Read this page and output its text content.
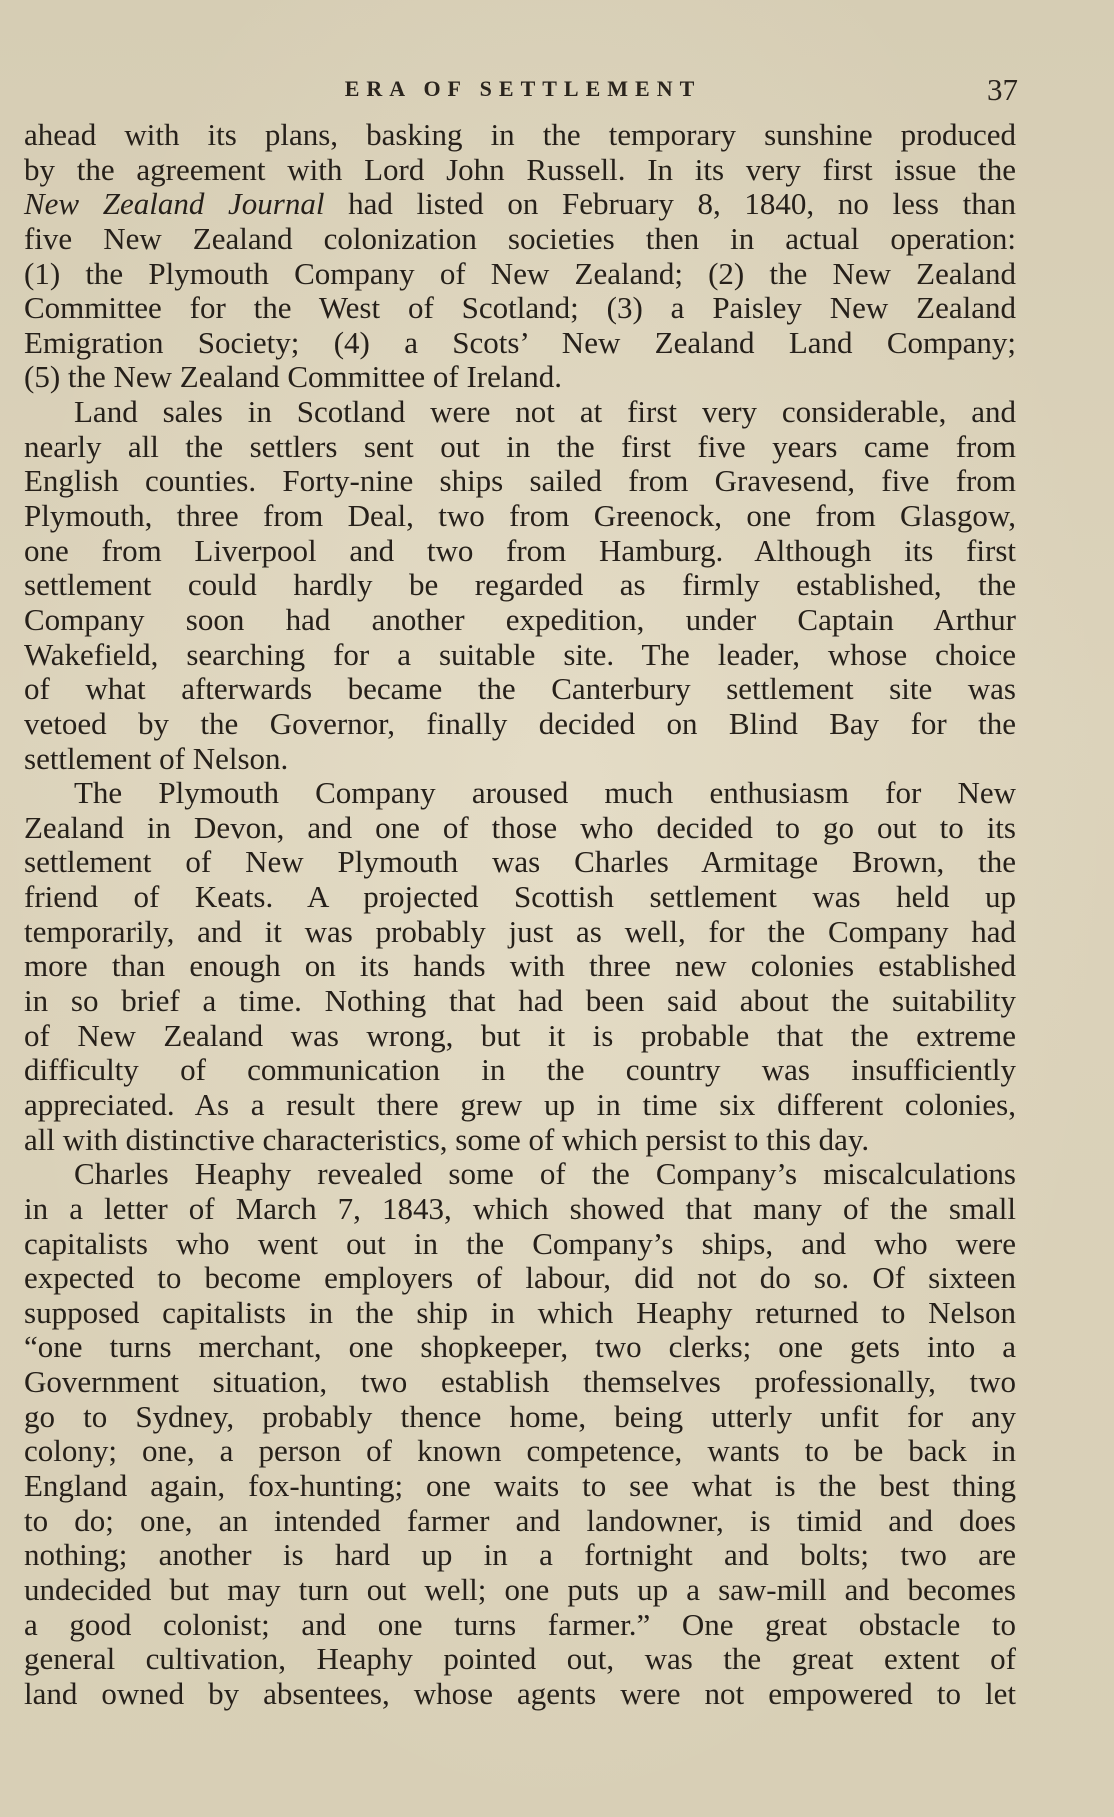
ERA OF SETTLEMENT	37
ahead with its plans, basking in the temporary sunshine produced
by the agreement with Lord John Russell. In its very first issue the
New Zealand Journal had listed on February 8, 1840, no less than
five New Zealand colonization societies then in actual operation:
(1) the Plymouth Company of New Zealand; (2) the New Zealand
Committee for the West of Scotland; (3) a Paisley New Zealand
Emigration Society; (4) a Scots’ New Zealand Land Company;
(5) the New Zealand Committee of Ireland.
Land sales in Scotland were not at first very considerable, and
nearly all the settlers sent out in the first five years came from
English counties. Forty-nine ships sailed from Gravesend, five from
Plymouth, three from Deal, two from Greenock, one from Glasgow,
one from Liverpool and two from Hamburg. Although its first
settlement could hardly be regarded as firmly established, the
Company soon had another expedition, under Captain Arthur
Wakefield, searching for a suitable site. The leader, whose choice
of what afterwards became the Canterbury settlement site was
vetoed by the Governor, finally decided on Blind Bay for the
settlement of Nelson.
The Plymouth Company aroused much enthusiasm for New
Zealand in Devon, and one of those who decided to go out to its
settlement of New Plymouth was Charles Armitage Brown, the
friend of Keats. A projected Scottish settlement was held up
temporarily, and it was probably just as well, for the Company had
more than enough on its hands with three new colonies established
in so brief a time. Nothing that had been said about the suitability
of New Zealand was wrong, but it is probable that the extreme
difficulty of communication in the country was insufficiently
appreciated. As a result there grew up in time six different colonies,
all with distinctive characteristics, some of which persist to this day.
Charles Heaphy revealed some of the Company’s miscalculations
in a letter of March 7, 1843, which showed that many of the small
capitalists who went out in the Company’s ships, and who were
expected to become employers of labour, did not do so. Of sixteen
supposed capitalists in the ship in which Heaphy returned to Nelson
“one turns merchant, one shopkeeper, two clerks; one gets into a
Government situation, two establish themselves professionally, two
go to Sydney, probably thence home, being utterly unfit for any
colony; one, a person of known competence, wants to be back in
England again, fox-hunting; one waits to see what is the best thing
to do; one, an intended farmer and landowner, is timid and does
nothing; another is hard up in a fortnight and bolts; two are
undecided but may turn out well; one puts up a saw-mill and becomes
a good colonist; and one turns farmer.” One great obstacle to
general cultivation, Heaphy pointed out, was the great extent of
land owned by absentees, whose agents were not empowered to let
